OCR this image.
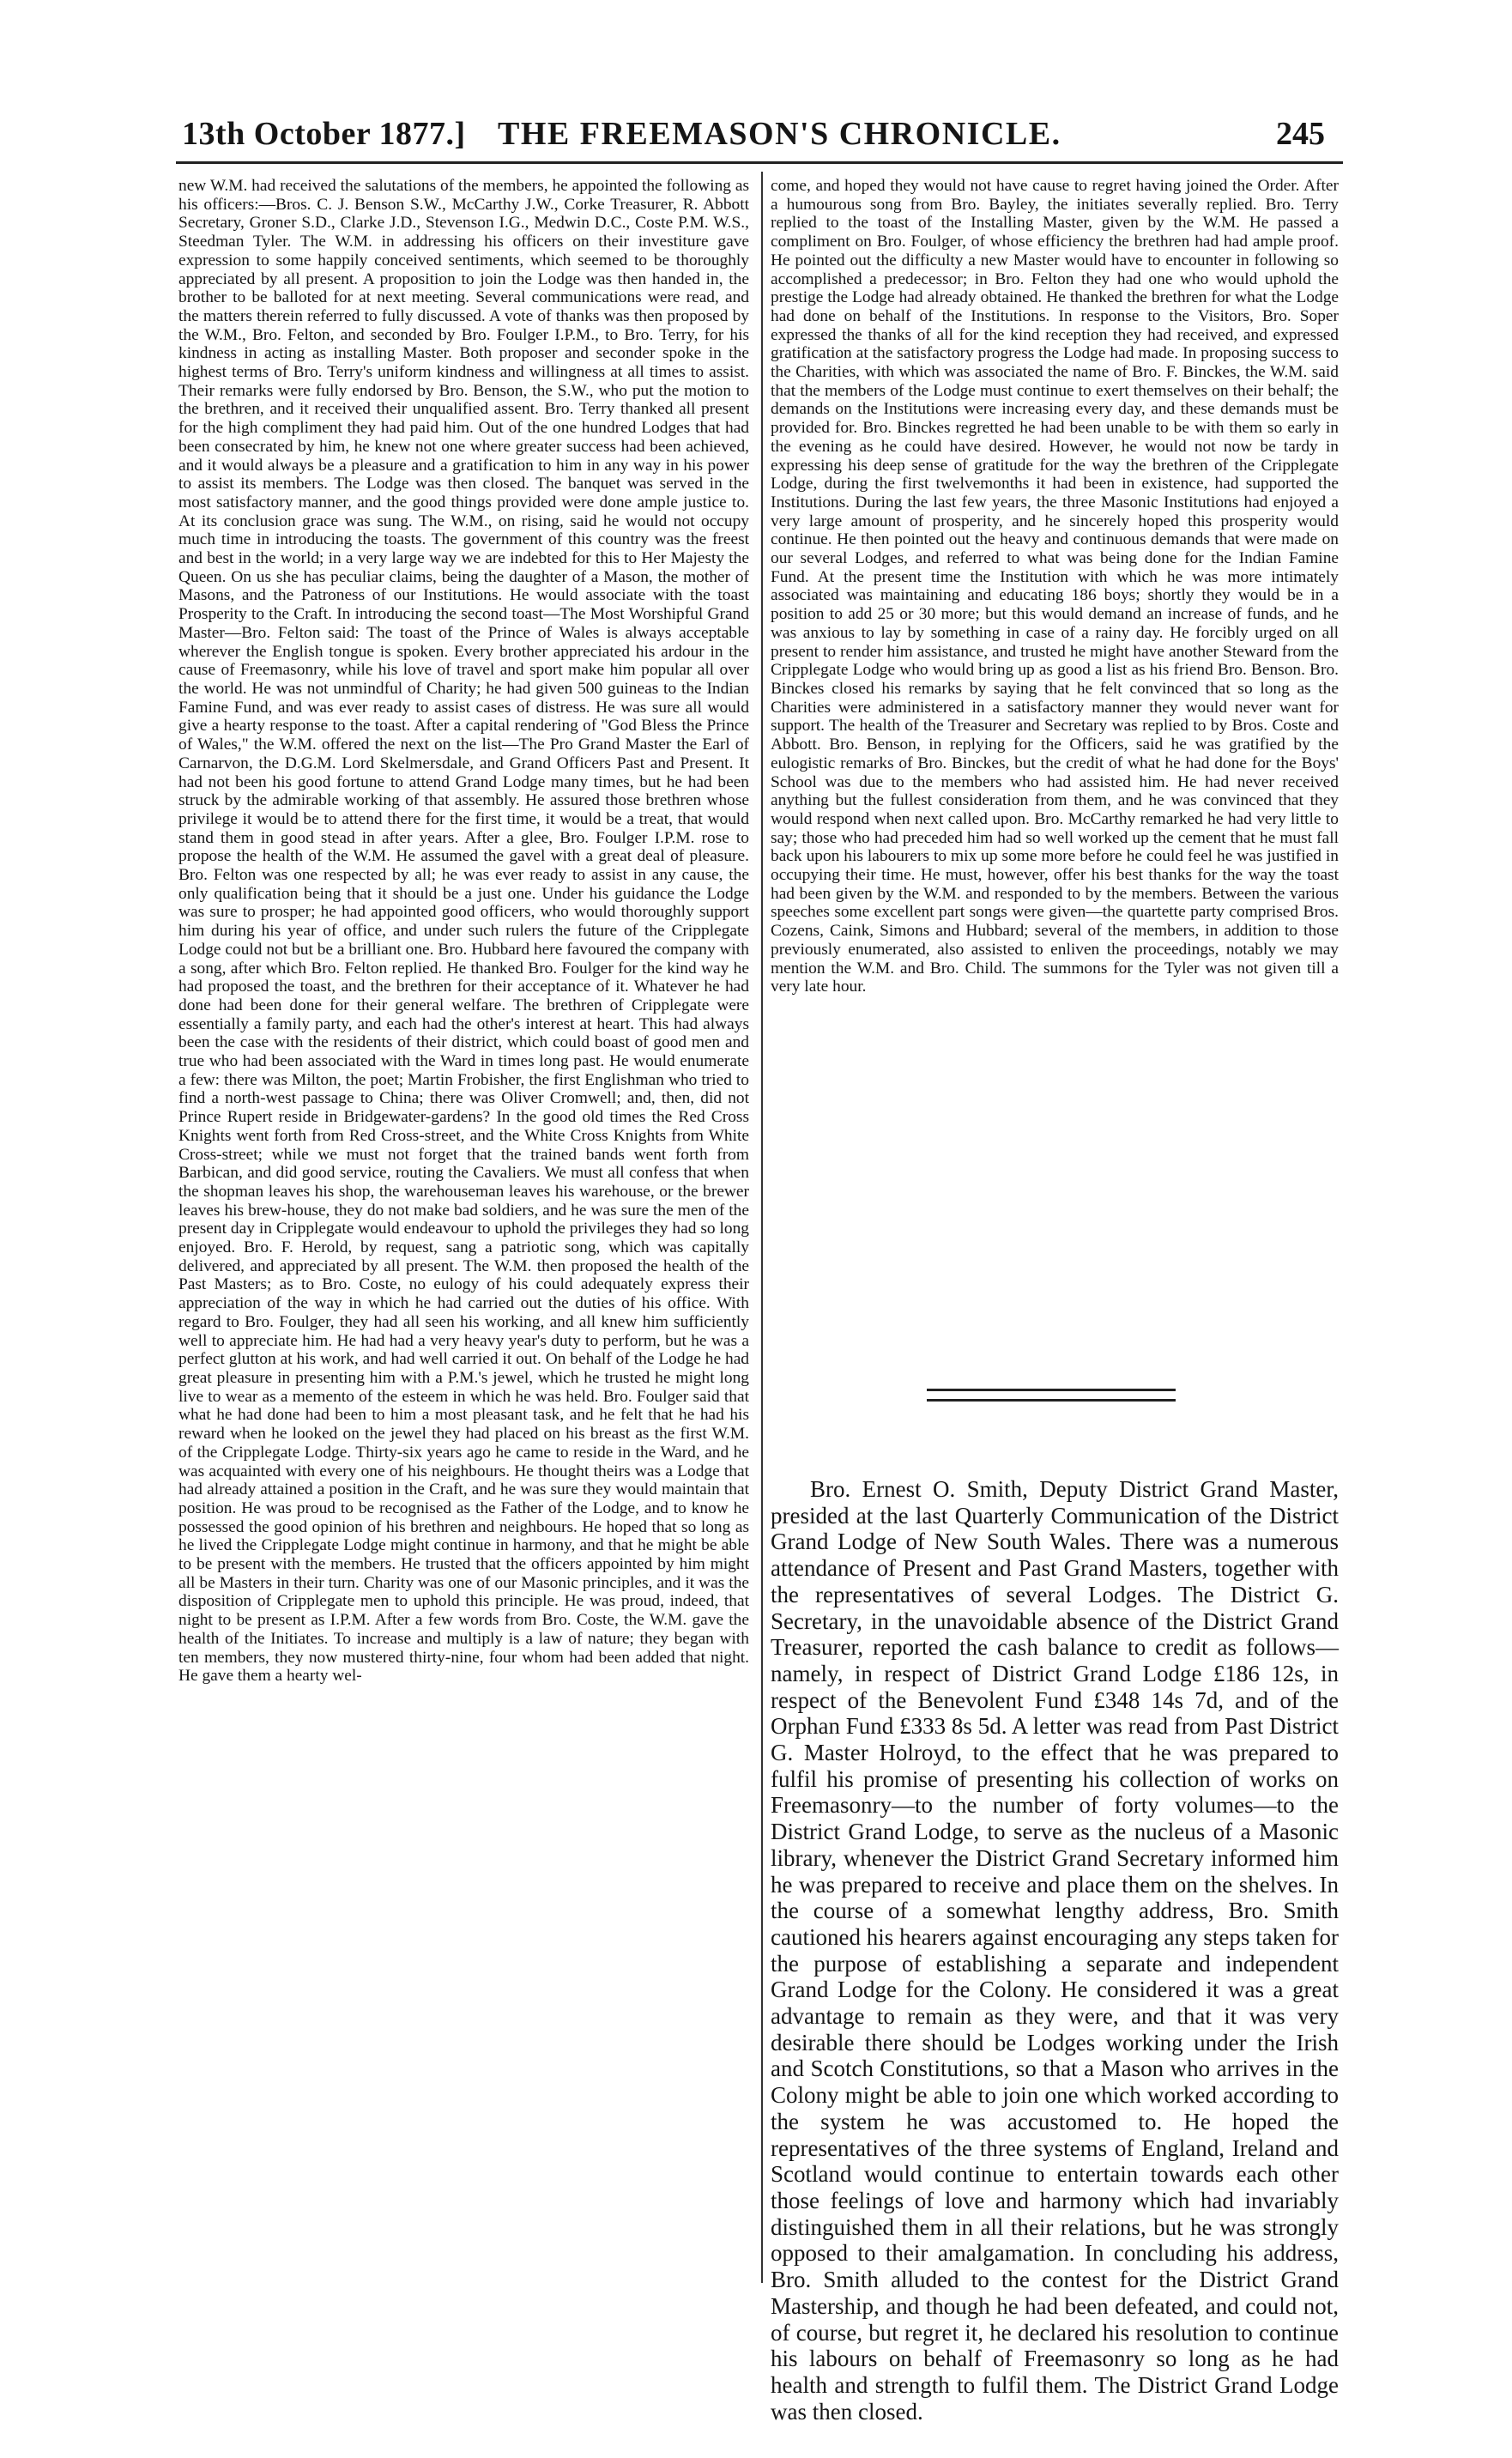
13th October 1877.] THE FREEMASON'S CHRONICLE.	245

new W.M. had received the salutations of the members, he appointed the following as his officers:—Bros. C. J. Benson S.W., McCarthy J.W., Corke Treasurer, R. Abbott Secretary, Groner S.D., Clarke J.D., Stevenson I.G., Medwin D.C., Coste P.M. W.S., Steedman Tyler. The W.M. in addressing his officers on their investiture gave expression to some happily conceived sentiments, which seemed to be thoroughly appreciated by all present. A proposition to join the Lodge was then handed in, the brother to be balloted for at next meeting. Several communications were read, and the matters therein referred to fully discussed. A vote of thanks was then proposed by the W.M., Bro. Felton, and seconded by Bro. Foulger I.P.M., to Bro. Terry, for his kindness in acting as installing Master. Both proposer and seconder spoke in the highest terms of Bro. Terry's uniform kindness and willingness at all times to assist. Their remarks were fully endorsed by Bro. Benson, the S.W., who put the motion to the brethren, and it received their unqualified assent. Bro. Terry thanked all present for the high compliment they had paid him. Out of the one hundred Lodges that had been consecrated by him, he knew not one where greater success had been achieved, and it would always be a pleasure and a gratification to him in any way in his power to assist its members. The Lodge was then closed. The banquet was served in the most satisfactory manner, and the good things provided were done ample justice to. At its conclusion grace was sung. The W.M., on rising, said he would not occupy much time in introducing the toasts. The government of this country was the freest and best in the world; in a very large way we are indebted for this to Her Majesty the Queen. On us she has peculiar claims, being the daughter of a Mason, the mother of Masons, and the Patroness of our Institutions. He would associate with the toast Prosperity to the Craft. In introducing the second toast—The Most Worshipful Grand Master—Bro. Felton said: The toast of the Prince of Wales is always acceptable wherever the English tongue is spoken. Every brother appreciated his ardour in the cause of Freemasonry, while his love of travel and sport make him popular all over the world. He was not unmindful of Charity; he had given 500 guineas to the Indian Famine Fund, and was ever ready to assist cases of distress. He was sure all would give a hearty response to the toast. After a capital rendering of "God Bless the Prince of Wales," the W.M. offered the next on the list—The Pro Grand Master the Earl of Carnarvon, the D.G.M. Lord Skelmersdale, and Grand Officers Past and Present. It had not been his good fortune to attend Grand Lodge many times, but he had been struck by the admirable working of that assembly. He assured those brethren whose privilege it would be to attend there for the first time, it would be a treat, that would stand them in good stead in after years. After a glee, Bro. Foulger I.P.M. rose to propose the health of the W.M. He assumed the gavel with a great deal of pleasure. Bro. Felton was one respected by all; he was ever ready to assist in any cause, the only qualification being that it should be a just one. Under his guidance the Lodge was sure to prosper; he had appointed good officers, who would thoroughly support him during his year of office, and under such rulers the future of the Cripplegate Lodge could not but be a brilliant one. Bro. Hubbard here favoured the company with a song, after which Bro. Felton replied. He thanked Bro. Foulger for the kind way he had proposed the toast, and the brethren for their acceptance of it. Whatever he had done had been done for their general welfare. The brethren of Cripplegate were essentially a family party, and each had the other's interest at heart. This had always been the case with the residents of their district, which could boast of good men and true who had been associated with the Ward in times long past. He would enumerate a few: there was Milton, the poet; Martin Frobisher, the first Englishman who tried to find a north-west passage to China; there was Oliver Cromwell; and, then, did not Prince Rupert reside in Bridgewater-gardens? In the good old times the Red Cross Knights went forth from Red Cross-street, and the White Cross Knights from White Cross-street; while we must not forget that the trained bands went forth from Barbican, and did good service, routing the Cavaliers. We must all confess that when the shopman leaves his shop, the warehouseman leaves his warehouse, or the brewer leaves his brew-house, they do not make bad soldiers, and he was sure the men of the present day in Cripplegate would endeavour to uphold the privileges they had so long enjoyed. Bro. F. Herold, by request, sang a patriotic song, which was capitally delivered, and appreciated by all present. The W.M. then proposed the health of the Past Masters; as to Bro. Coste, no eulogy of his could adequately express their appreciation of the way in which he had carried out the duties of his office. With regard to Bro. Foulger, they had all seen his working, and all knew him sufficiently well to appreciate him. He had had a very heavy year's duty to perform, but he was a perfect glutton at his work, and had well carried it out. On behalf of the Lodge he had great pleasure in presenting him with a P.M.'s jewel, which he trusted he might long live to wear as a memento of the esteem in which he was held. Bro. Foulger said that what he had done had been to him a most pleasant task, and he felt that he had his reward when he looked on the jewel they had placed on his breast as the first W.M. of the Cripplegate Lodge. Thirty-six years ago he came to reside in the Ward, and he was acquainted with every one of his neighbours. He thought theirs was a Lodge that had already attained a position in the Craft, and he was sure they would maintain that position. He was proud to be recognised as the Father of the Lodge, and to know he possessed the good opinion of his brethren and neighbours. He hoped that so long as he lived the Cripplegate Lodge might continue in harmony, and that he might be able to be present with the members. He trusted that the officers appointed by him might all be Masters in their turn. Charity was one of our Masonic principles, and it was the disposition of Cripplegate men to uphold this principle. He was proud, indeed, that night to be present as I.P.M. After a few words from Bro. Coste, the W.M. gave the health of the Initiates. To increase and multiply is a law of nature; they began with ten members, they now mustered thirty-nine, four whom had been added that night. He gave them a hearty wel-

come, and hoped they would not have cause to regret having joined the Order. After a humourous song from Bro. Bayley, the initiates severally replied. Bro. Terry replied to the toast of the Installing Master, given by the W.M. He passed a compliment on Bro. Foulger, of whose efficiency the brethren had had ample proof. He pointed out the difficulty a new Master would have to encounter in following so accomplished a predecessor; in Bro. Felton they had one who would uphold the prestige the Lodge had already obtained. He thanked the brethren for what the Lodge had done on behalf of the Institutions. In response to the Visitors, Bro. Soper expressed the thanks of all for the kind reception they had received, and expressed gratification at the satisfactory progress the Lodge had made. In proposing success to the Charities, with which was associated the name of Bro. F. Binckes, the W.M. said that the members of the Lodge must continue to exert themselves on their behalf; the demands on the Institutions were increasing every day, and these demands must be provided for. Bro. Binckes regretted he had been unable to be with them so early in the evening as he could have desired. However, he would not now be tardy in expressing his deep sense of gratitude for the way the brethren of the Cripplegate Lodge, during the first twelvemonths it had been in existence, had supported the Institutions. During the last few years, the three Masonic Institutions had enjoyed a very large amount of prosperity, and he sincerely hoped this prosperity would continue. He then pointed out the heavy and continuous demands that were made on our several Lodges, and referred to what was being done for the Indian Famine Fund. At the present time the Institution with which he was more intimately associated was maintaining and educating 186 boys; shortly they would be in a position to add 25 or 30 more; but this would demand an increase of funds, and he was anxious to lay by something in case of a rainy day. He forcibly urged on all present to render him assistance, and trusted he might have another Steward from the Cripplegate Lodge who would bring up as good a list as his friend Bro. Benson. Bro. Binckes closed his remarks by saying that he felt convinced that so long as the Charities were administered in a satisfactory manner they would never want for support. The health of the Treasurer and Secretary was replied to by Bros. Coste and Abbott. Bro. Benson, in replying for the Officers, said he was gratified by the eulogistic remarks of Bro. Binckes, but the credit of what he had done for the Boys' School was due to the members who had assisted him. He had never received anything but the fullest consideration from them, and he was convinced that they would respond when next called upon. Bro. McCarthy remarked he had very little to say; those who had preceded him had so well worked up the cement that he must fall back upon his labourers to mix up some more before he could feel he was justified in occupying their time. He must, however, offer his best thanks for the way the toast had been given by the W.M. and responded to by the members. Between the various speeches some excellent part songs were given—the quartette party comprised Bros. Cozens, Caink, Simons and Hubbard; several of the members, in addition to those previously enumerated, also assisted to enliven the proceedings, notably we may mention the W.M. and Bro. Child. The summons for the Tyler was not given till a very late hour.

Bro. Ernest O. Smith, Deputy District Grand Master, presided at the last Quarterly Communication of the District Grand Lodge of New South Wales. There was a numerous attendance of Present and Past Grand Masters, together with the representatives of several Lodges. The District G. Secretary, in the unavoidable absence of the District Grand Treasurer, reported the cash balance to credit as follows—namely, in respect of District Grand Lodge £186 12s, in respect of the Benevolent Fund £348 14s 7d, and of the Orphan Fund £333 8s 5d. A letter was read from Past District G. Master Holroyd, to the effect that he was prepared to fulfil his promise of presenting his collection of works on Freemasonry—to the number of forty volumes—to the District Grand Lodge, to serve as the nucleus of a Masonic library, whenever the District Grand Secretary informed him he was prepared to receive and place them on the shelves. In the course of a somewhat lengthy address, Bro. Smith cautioned his hearers against encouraging any steps taken for the purpose of establishing a separate and independent Grand Lodge for the Colony. He considered it was a great advantage to remain as they were, and that it was very desirable there should be Lodges working under the Irish and Scotch Constitutions, so that a Mason who arrives in the Colony might be able to join one which worked according to the system he was accustomed to. He hoped the representatives of the three systems of England, Ireland and Scotland would continue to entertain towards each other those feelings of love and harmony which had invariably distinguished them in all their relations, but he was strongly opposed to their amalgamation. In concluding his address, Bro. Smith alluded to the contest for the District Grand Mastership, and though he had been defeated, and could not, of course, but regret it, he declared his resolution to continue his labours on behalf of Freemasonry so long as he had health and strength to fulfil them. The District Grand Lodge was then closed.
